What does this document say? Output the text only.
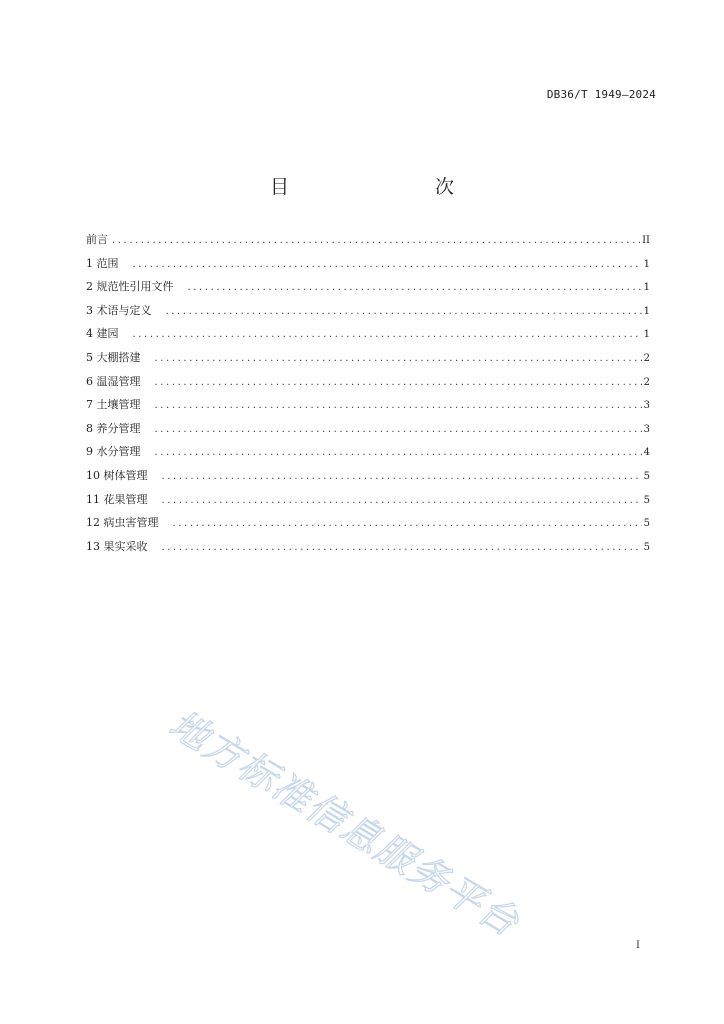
DB36/T 1949—2024
目　　次
前言 .....	II
1 范围 .....	1
2 规范性引用文件 .....	1
3 术语与定义 .....	1
4 建园 .....	1
5 大棚搭建 .....	2
6 温湿管理 .....	2
7 土壤管理 .....	3
8 养分管理 .....	3
9 水分管理 .....	4
10 树体管理 .....	5
11 花果管理 .....	5
12 病虫害管理 .....	5
13 果实采收 .....	5
地方标准信息服务平台
I
